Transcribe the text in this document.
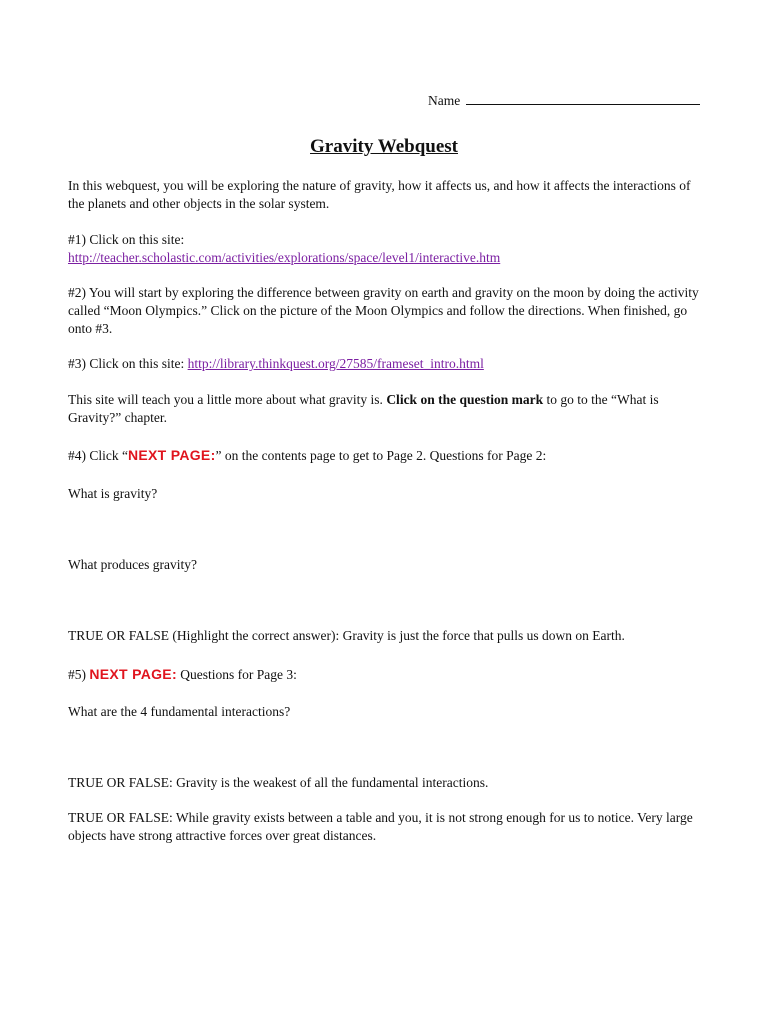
Name
Gravity Webquest

In this webquest, you will be exploring the nature of gravity, how it affects us, and how it affects the interactions of the planets and other objects in the solar system.

#1) Click on this site:
http://teacher.scholastic.com/activities/explorations/space/level1/interactive.htm

#2) You will start by exploring the difference between gravity on earth and gravity on the moon by doing the activity called “Moon Olympics.” Click on the picture of the Moon Olympics and follow the directions. When finished, go onto #3.

#3) Click on this site: http://library.thinkquest.org/27585/frameset_intro.html

This site will teach you a little more about what gravity is. Click on the question mark to go to the “What is Gravity?” chapter.

#4) Click “NEXT PAGE:” on the contents page to get to Page 2. Questions for Page 2:

What is gravity?

What produces gravity?

TRUE OR FALSE (Highlight the correct answer): Gravity is just the force that pulls us down on Earth.

#5) NEXT PAGE: Questions for Page 3:

What are the 4 fundamental interactions?

TRUE OR FALSE: Gravity is the weakest of all the fundamental interactions.

TRUE OR FALSE: While gravity exists between a table and you, it is not strong enough for us to notice. Very large objects have strong attractive forces over great distances.
